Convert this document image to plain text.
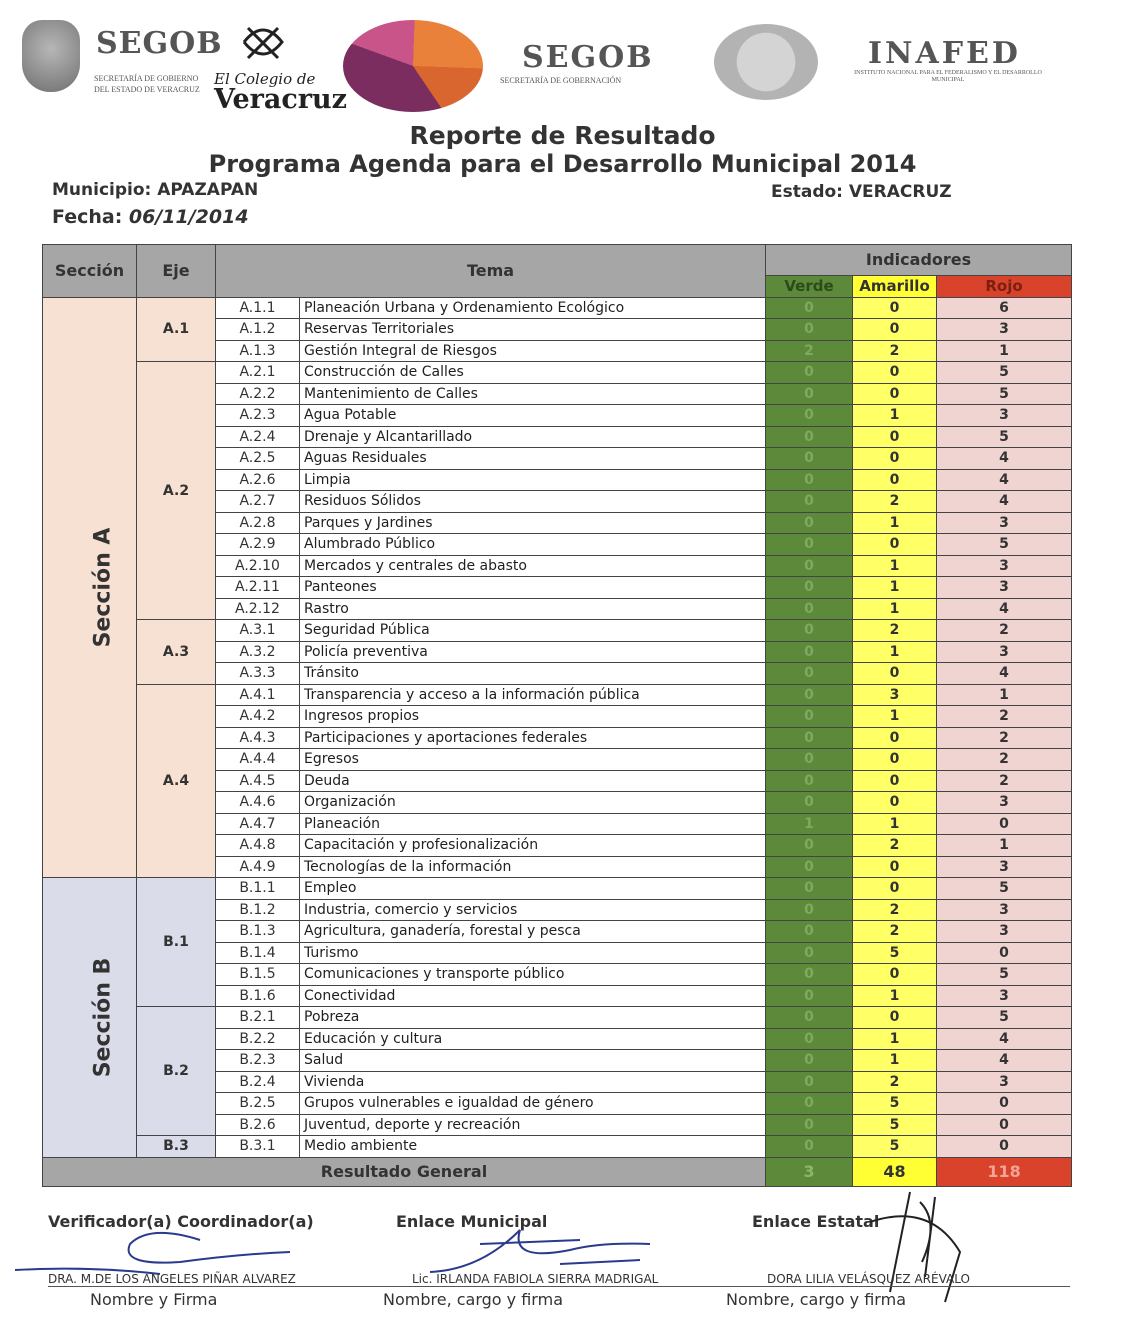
SEGOB
SECRETARÍA DE GOBIERNO
DEL ESTADO DE VERACRUZ
El Colegio de
Veracruz
SEGOB
SECRETARÍA DE GOBERNACIÓN
INAFED
INSTITUTO NACIONAL PARA EL FEDERALISMO Y EL DESARROLLO MUNICIPAL
Reporte de Resultado
Programa Agenda para el Desarrollo Municipal 2014
Municipio: APAZAPAN	Estado: VERACRUZ
Fecha: 06/11/2014
Sección	Eje	Tema		Indicadores		
				Verde	Amarillo	Rojo
Sección A	A.1	A.1.1	Planeación Urbana y Ordenamiento Ecológico	0	0	6
		A.1.2	Reservas Territoriales	0	0	3
		A.1.3	Gestión Integral de Riesgos	2	2	1
	A.2	A.2.1	Construcción de Calles	0	0	5
		A.2.2	Mantenimiento de Calles	0	0	5
		A.2.3	Agua Potable	0	1	3
		A.2.4	Drenaje y Alcantarillado	0	0	5
		A.2.5	Aguas Residuales	0	0	4
		A.2.6	Limpia	0	0	4
		A.2.7	Residuos Sólidos	0	2	4
		A.2.8	Parques y Jardines	0	1	3
		A.2.9	Alumbrado Público	0	0	5
		A.2.10	Mercados y centrales de abasto	0	1	3
		A.2.11	Panteones	0	1	3
		A.2.12	Rastro	0	1	4
	A.3	A.3.1	Seguridad Pública	0	2	2
		A.3.2	Policía preventiva	0	1	3
		A.3.3	Tránsito	0	0	4
	A.4	A.4.1	Transparencia y acceso a la información pública	0	3	1
		A.4.2	Ingresos propios	0	1	2
		A.4.3	Participaciones y aportaciones federales	0	0	2
		A.4.4	Egresos	0	0	2
		A.4.5	Deuda	0	0	2
		A.4.6	Organización	0	0	3
		A.4.7	Planeación	1	1	0
		A.4.8	Capacitación y profesionalización	0	2	1
		A.4.9	Tecnologías de la información	0	0	3
Sección B	B.1	B.1.1	Empleo	0	0	5
		B.1.2	Industria, comercio y servicios	0	2	3
		B.1.3	Agricultura, ganadería, forestal y pesca	0	2	3
		B.1.4	Turismo	0	5	0
		B.1.5	Comunicaciones y transporte público	0	0	5
		B.1.6	Conectividad	0	1	3
	B.2	B.2.1	Pobreza	0	0	5
		B.2.2	Educación y cultura	0	1	4
		B.2.3	Salud	0	1	4
		B.2.4	Vivienda	0	2	3
		B.2.5	Grupos vulnerables e igualdad de género	0	5	0
		B.2.6	Juventud, deporte y recreación	0	5	0
	B.3	B.3.1	Medio ambiente	0	5	0
Resultado General				3	48	118
Verificador(a) Coordinador(a)	Enlace Municipal	Enlace Estatal
DRA. M.DE LOS ANGELES PIÑAR ALVAREZ	Lic. IRLANDA FABIOLA SIERRA MADRIGAL	DORA LILIA VELÁSQUEZ ARÉVALO
Nombre y Firma	Nombre, cargo y firma	Nombre, cargo y firma
